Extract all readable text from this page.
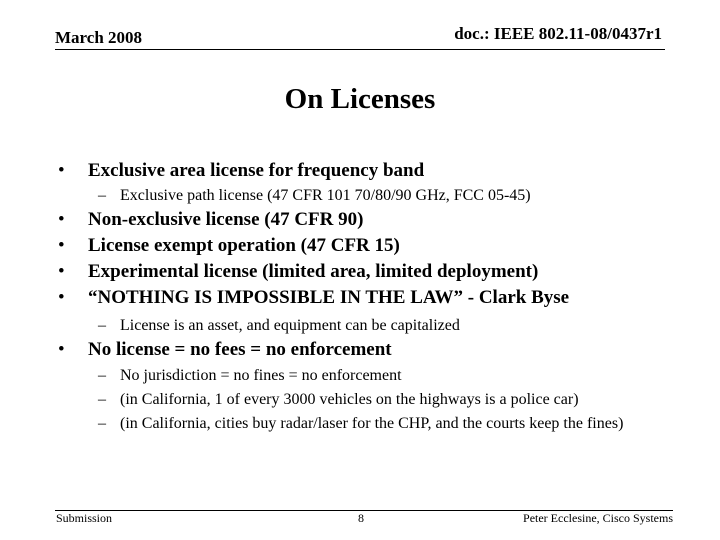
March 2008	doc.: IEEE 802.11-08/0437r1
On Licenses
• Exclusive area license for frequency band
– Exclusive path license (47 CFR 101 70/80/90 GHz, FCC 05-45)
• Non-exclusive license (47 CFR 90)
• License exempt operation (47 CFR 15)
• Experimental license (limited area, limited deployment)
• “NOTHING IS IMPOSSIBLE IN THE LAW” - Clark Byse
– License is an asset, and equipment can be capitalized
• No license = no fees = no enforcement
– No jurisdiction = no fines = no enforcement
– (in California, 1 of every 3000 vehicles on the highways is a police car)
– (in California, cities buy radar/laser for the CHP, and the courts keep the fines)
Submission	8	Peter Ecclesine, Cisco Systems
